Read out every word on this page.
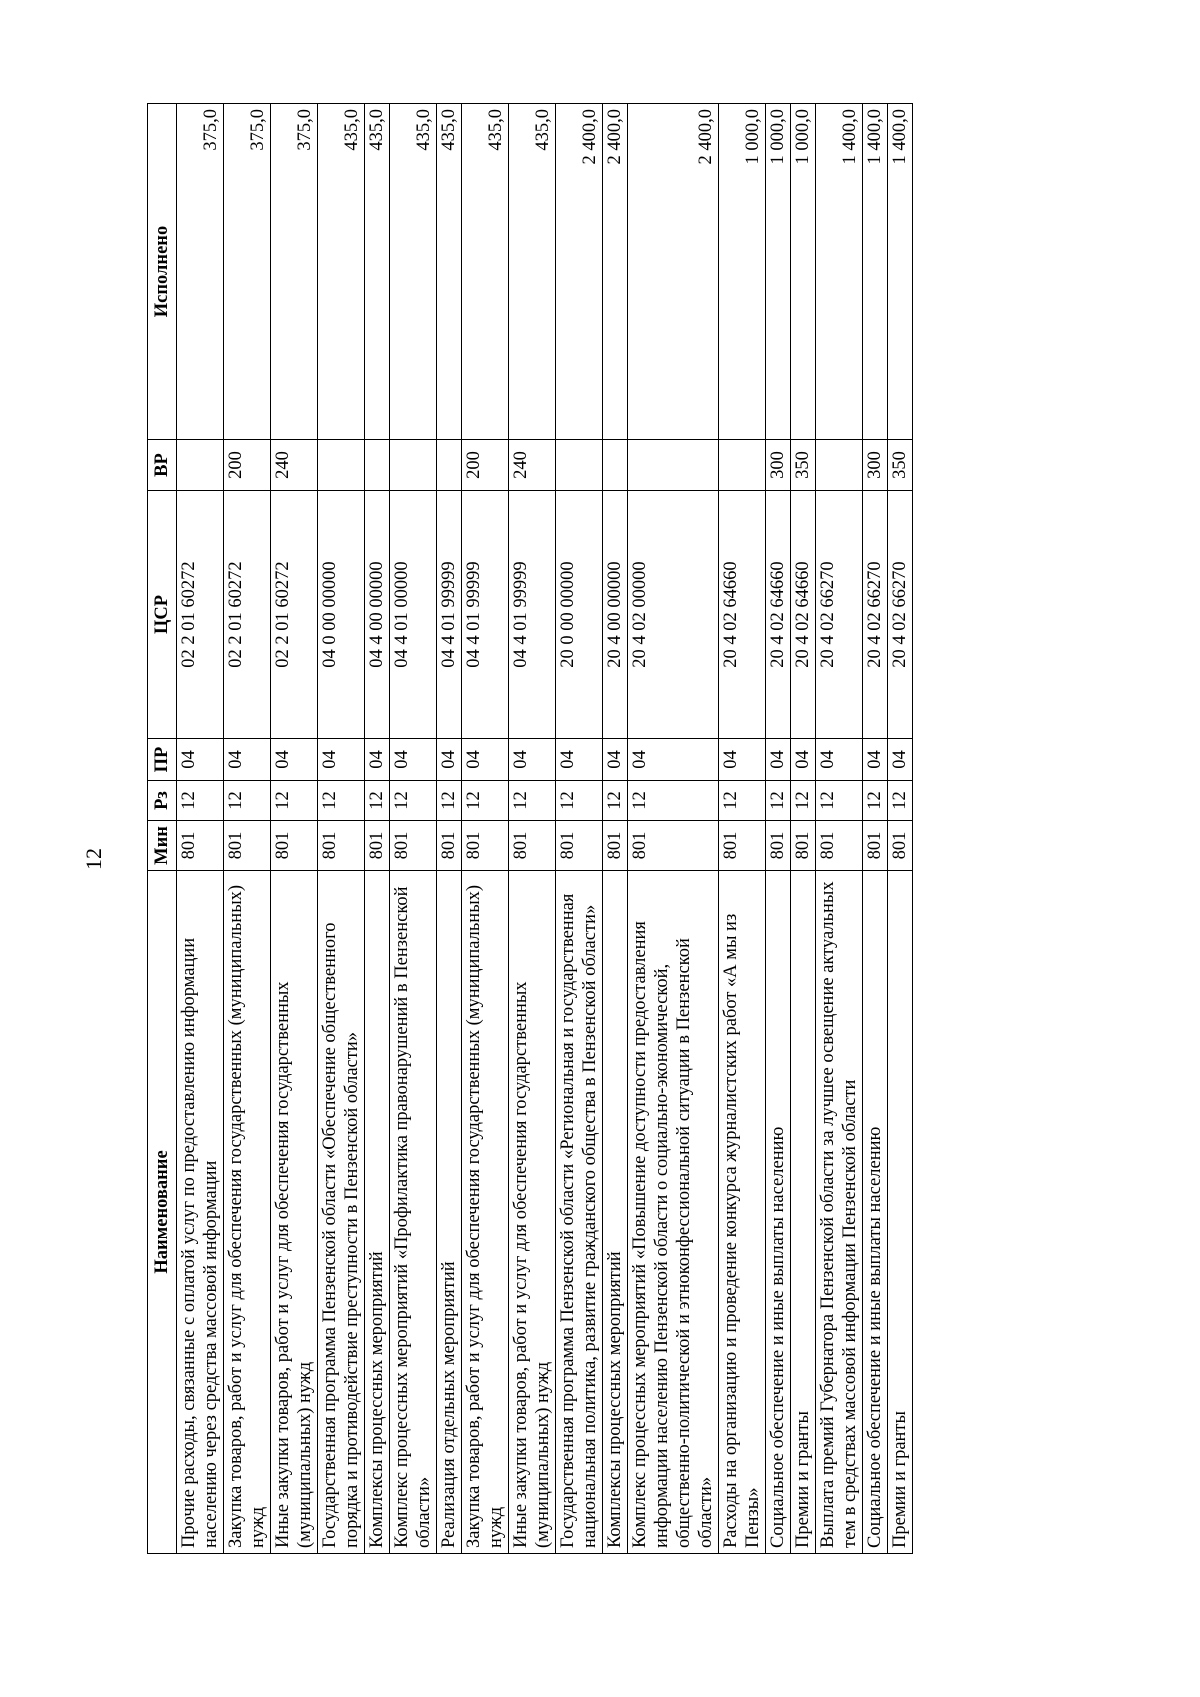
12
Наименование	Мин	Рз	ПР	ЦСР	ВР	Исполнено
Прочие расходы, связанные с оплатой услуг по предоставлению информации населению через средства массовой информации	801	12	04	02 2 01 60272		375,0
Закупка товаров, работ и услуг для обеспечения государственных (муниципальных) нужд	801	12	04	02 2 01 60272	200	375,0
Иные закупки товаров, работ и услуг для обеспечения государственных (муниципальных) нужд	801	12	04	02 2 01 60272	240	375,0
Государственная программа Пензенской области «Обеспечение общественного порядка и противодействие преступности в Пензенской области»	801	12	04	04 0 00 00000		435,0
Комплексы процессных мероприятий	801	12	04	04 4 00 00000		435,0
Комплекс процессных мероприятий «Профилактика правонарушений в Пензенской области»	801	12	04	04 4 01 00000		435,0
Реализация отдельных мероприятий	801	12	04	04 4 01 99999		435,0
Закупка товаров, работ и услуг для обеспечения государственных (муниципальных) нужд	801	12	04	04 4 01 99999	200	435,0
Иные закупки товаров, работ и услуг для обеспечения государственных (муниципальных) нужд	801	12	04	04 4 01 99999	240	435,0
Государственная программа Пензенской области «Региональная и государственная национальная политика, развитие гражданского общества в Пензенской области»	801	12	04	20 0 00 00000		2 400,0
Комплексы процессных мероприятий	801	12	04	20 4 00 00000		2 400,0
Комплекс процессных мероприятий «Повышение доступности предоставления информации населению Пензенской области о социально-экономической, общественно-политической и этноконфессиональной ситуации в Пензенской области»	801	12	04	20 4 02 00000		2 400,0
Расходы на организацию и проведение конкурса журналистских работ «А мы из Пензы»	801	12	04	20 4 02 64660		1 000,0
Социальное обеспечение и иные выплаты населению	801	12	04	20 4 02 64660	300	1 000,0
Премии и гранты	801	12	04	20 4 02 64660	350	1 000,0
Выплата премий Губернатора Пензенской области за лучшее освещение актуальных тем в средствах массовой информации Пензенской области	801	12	04	20 4 02 66270		1 400,0
Социальное обеспечение и иные выплаты населению	801	12	04	20 4 02 66270	300	1 400,0
Премии и гранты	801	12	04	20 4 02 66270	350	1 400,0
